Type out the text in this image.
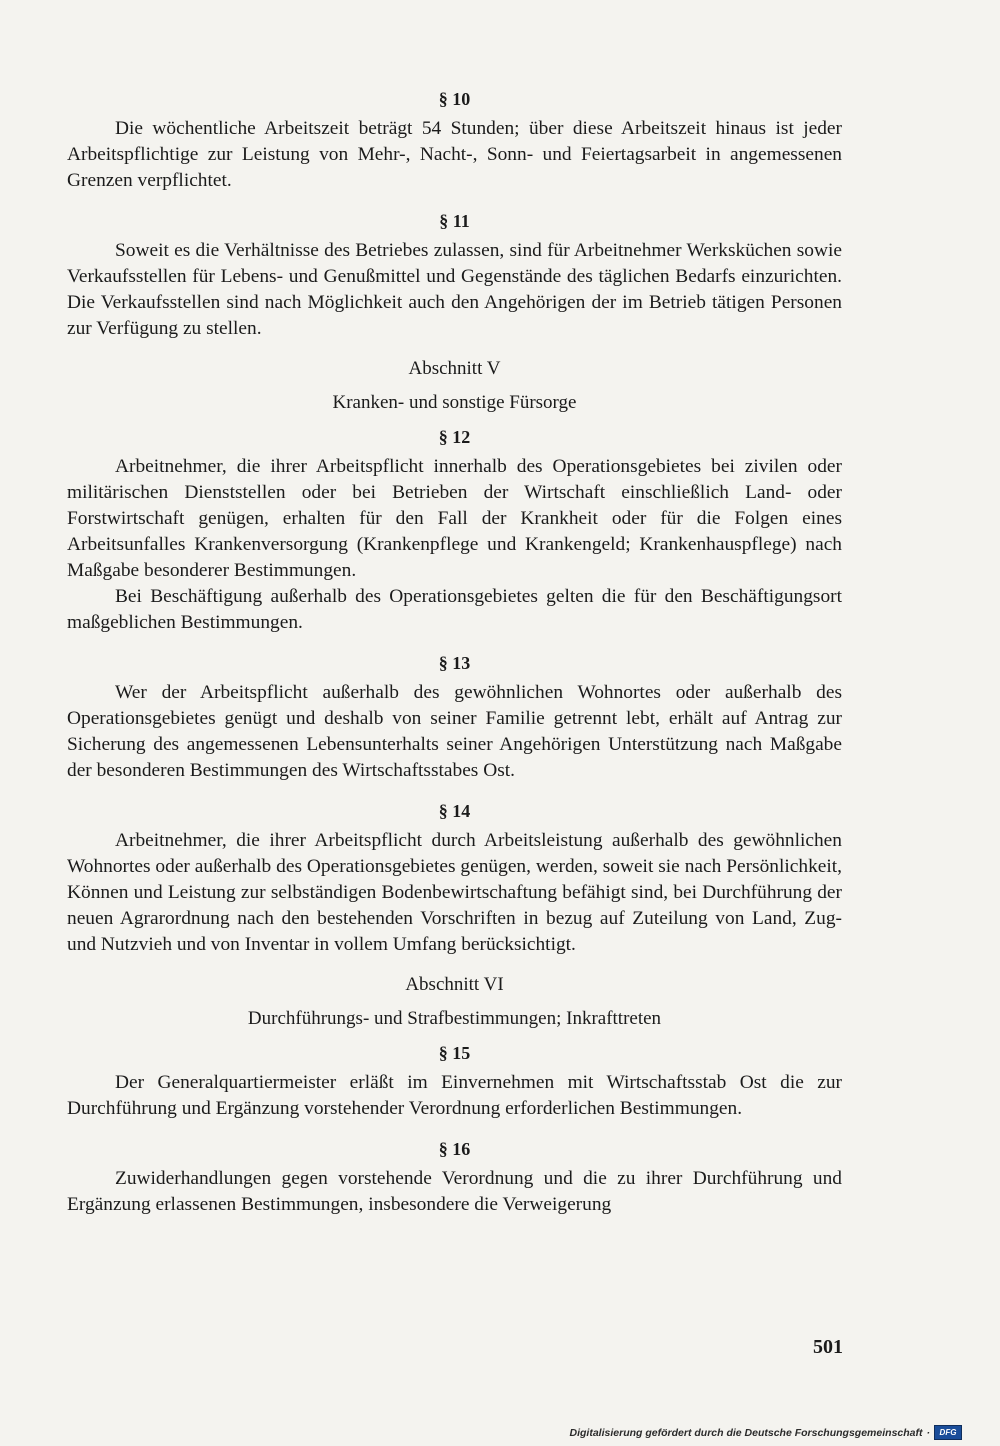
§ 10

Die wöchentliche Arbeitszeit beträgt 54 Stunden; über diese Arbeitszeit hinaus ist jeder Arbeitspflichtige zur Leistung von Mehr-, Nacht-, Sonn- und Feiertagsarbeit in angemessenen Grenzen verpflichtet.

§ 11

Soweit es die Verhältnisse des Betriebes zulassen, sind für Arbeitnehmer Werksküchen sowie Verkaufsstellen für Lebens- und Genußmittel und Gegenstände des täglichen Bedarfs einzurichten. Die Verkaufsstellen sind nach Möglichkeit auch den Angehörigen der im Betrieb tätigen Personen zur Verfügung zu stellen.

Abschnitt V
Kranken- und sonstige Fürsorge
§ 12

Arbeitnehmer, die ihrer Arbeitspflicht innerhalb des Operationsgebietes bei zivilen oder militärischen Dienststellen oder bei Betrieben der Wirtschaft einschließlich Land- oder Forstwirtschaft genügen, erhalten für den Fall der Krankheit oder für die Folgen eines Arbeitsunfalles Krankenversorgung (Krankenpflege und Krankengeld; Krankenhauspflege) nach Maßgabe besonderer Bestimmungen.

Bei Beschäftigung außerhalb des Operationsgebietes gelten die für den Beschäftigungsort maßgeblichen Bestimmungen.

§ 13

Wer der Arbeitspflicht außerhalb des gewöhnlichen Wohnortes oder außerhalb des Operationsgebietes genügt und deshalb von seiner Familie getrennt lebt, erhält auf Antrag zur Sicherung des angemessenen Lebensunterhalts seiner Angehörigen Unterstützung nach Maßgabe der besonderen Bestimmungen des Wirtschaftsstabes Ost.

§ 14

Arbeitnehmer, die ihrer Arbeitspflicht durch Arbeitsleistung außerhalb des gewöhnlichen Wohnortes oder außerhalb des Operationsgebietes genügen, werden, soweit sie nach Persönlichkeit, Können und Leistung zur selbständigen Bodenbewirtschaftung befähigt sind, bei Durchführung der neuen Agrarordnung nach den bestehenden Vorschriften in bezug auf Zuteilung von Land, Zug- und Nutzvieh und von Inventar in vollem Umfang berücksichtigt.

Abschnitt VI
Durchführungs- und Strafbestimmungen; Inkrafttreten
§ 15

Der Generalquartiermeister erläßt im Einvernehmen mit Wirtschaftsstab Ost die zur Durchführung und Ergänzung vorstehender Verordnung erforderlichen Bestimmungen.

§ 16

Zuwiderhandlungen gegen vorstehende Verordnung und die zu ihrer Durchführung und Ergänzung erlassenen Bestimmungen, insbesondere die Verweigerung

501
Digitalisierung gefördert durch die Deutsche Forschungsgemeinschaft · DFG
